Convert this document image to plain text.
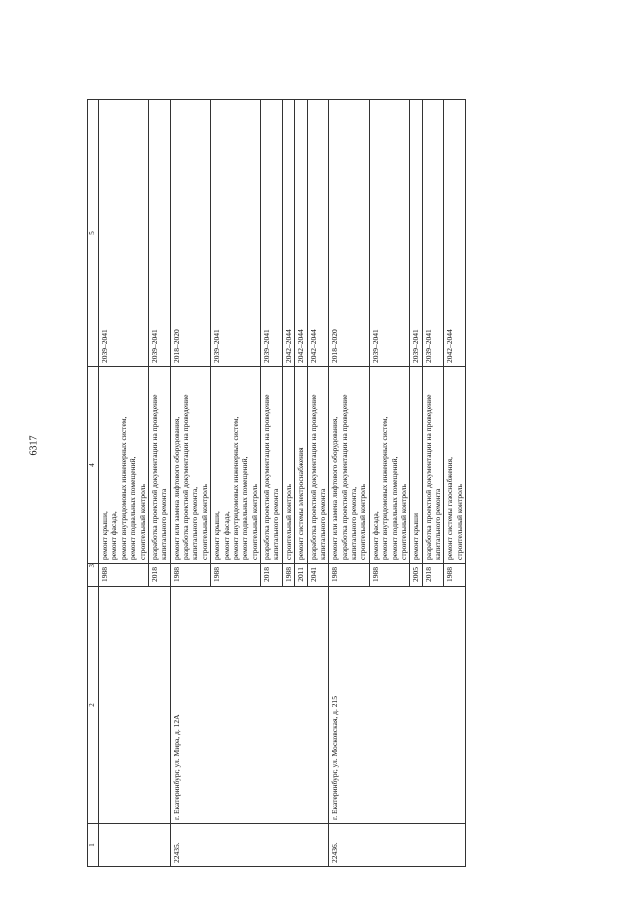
6317
1	2	3	4	5
		1988	ремонт крыши,
ремонт фасада,
ремонт внутридомовых инженерных систем,
ремонт подвальных помещений,
строительный контроль	2039–2041
		2018	разработка проектной документации на проведение капитального ремонта	2039–2041
22435.	г. Екатеринбург, ул. Мира, д. 12А	1988	ремонт или замена лифтового оборудования,
разработка проектной документации на проведение капитального ремонта,
строительный контроль	2018–2020
		1988	ремонт крыши,
ремонт фасада,
ремонт внутридомовых инженерных систем,
ремонт подвальных помещений,
строительный контроль	2039–2041
		2018	разработка проектной документации на проведение капитального ремонта	2039–2041
		1988	строительный контроль	2042–2044
		2011	ремонт системы электроснабжения	2042–2044
		2041	разработка проектной документации на проведение капитального ремонта	2042–2044
22436.	г. Екатеринбург, ул. Московская, д. 215	1988	ремонт или замена лифтового оборудования,
разработка проектной документации на проведение капитального ремонта,
строительный контроль	2018–2020
		1988	ремонт фасада,
ремонт внутридомовых инженерных систем,
ремонт подвальных помещений,
строительный контроль	2039–2041
		2005	ремонт крыши	2039–2041
		2018	разработка проектной документации на проведение капитального ремонта	2039–2041
		1988	ремонт системы газоснабжения,
строительный контроль	2042–2044
